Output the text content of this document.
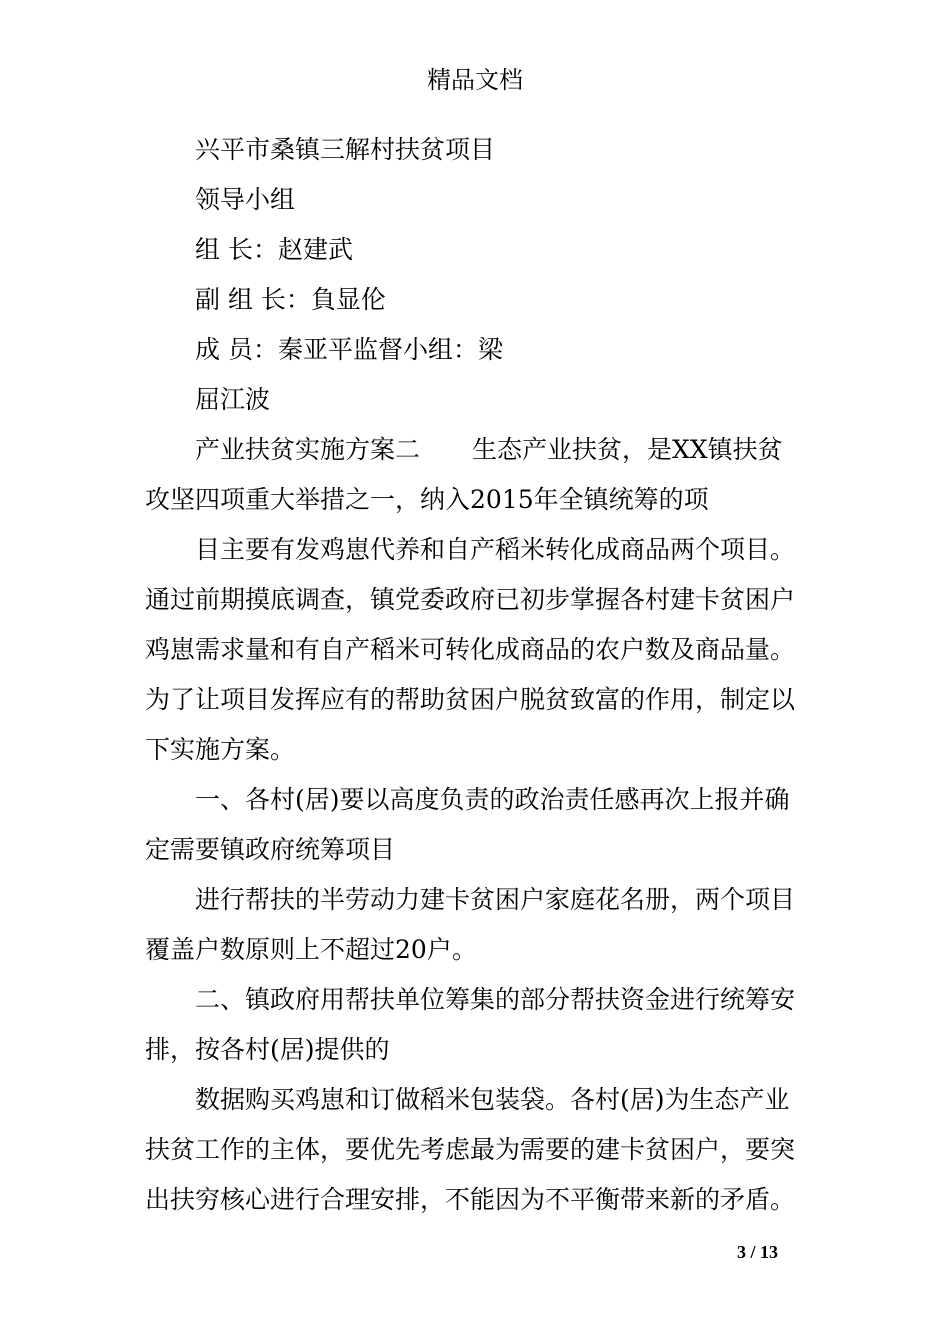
精品文档
兴平市桑镇三解村扶贫项目
领导小组
组 长：赵建武
副 组 长：負显伦
成 员：秦亚平监督小组：梁
屈江波
产业扶贫实施方案二 生态产业扶贫，是XX镇扶贫
攻坚四项重大举措之一，纳入2015年全镇统筹的项
目主要有发鸡崽代养和自产稻米转化成商品两个项目。
通过前期摸底调查，镇党委政府已初步掌握各村建卡贫困户
鸡崽需求量和有自产稻米可转化成商品的农户数及商品量。
为了让项目发挥应有的帮助贫困户脱贫致富的作用，制定以
下实施方案。
一、各村(居)要以高度负责的政治责任感再次上报并确
定需要镇政府统筹项目
进行帮扶的半劳动力建卡贫困户家庭花名册，两个项目
覆盖户数原则上不超过20户。
二、镇政府用帮扶单位筹集的部分帮扶资金进行统筹安
排，按各村(居)提供的
数据购买鸡崽和订做稻米包装袋。各村(居)为生态产业
扶贫工作的主体，要优先考虑最为需要的建卡贫困户，要突
出扶穷核心进行合理安排，不能因为不平衡带来新的矛盾。
3 / 13
